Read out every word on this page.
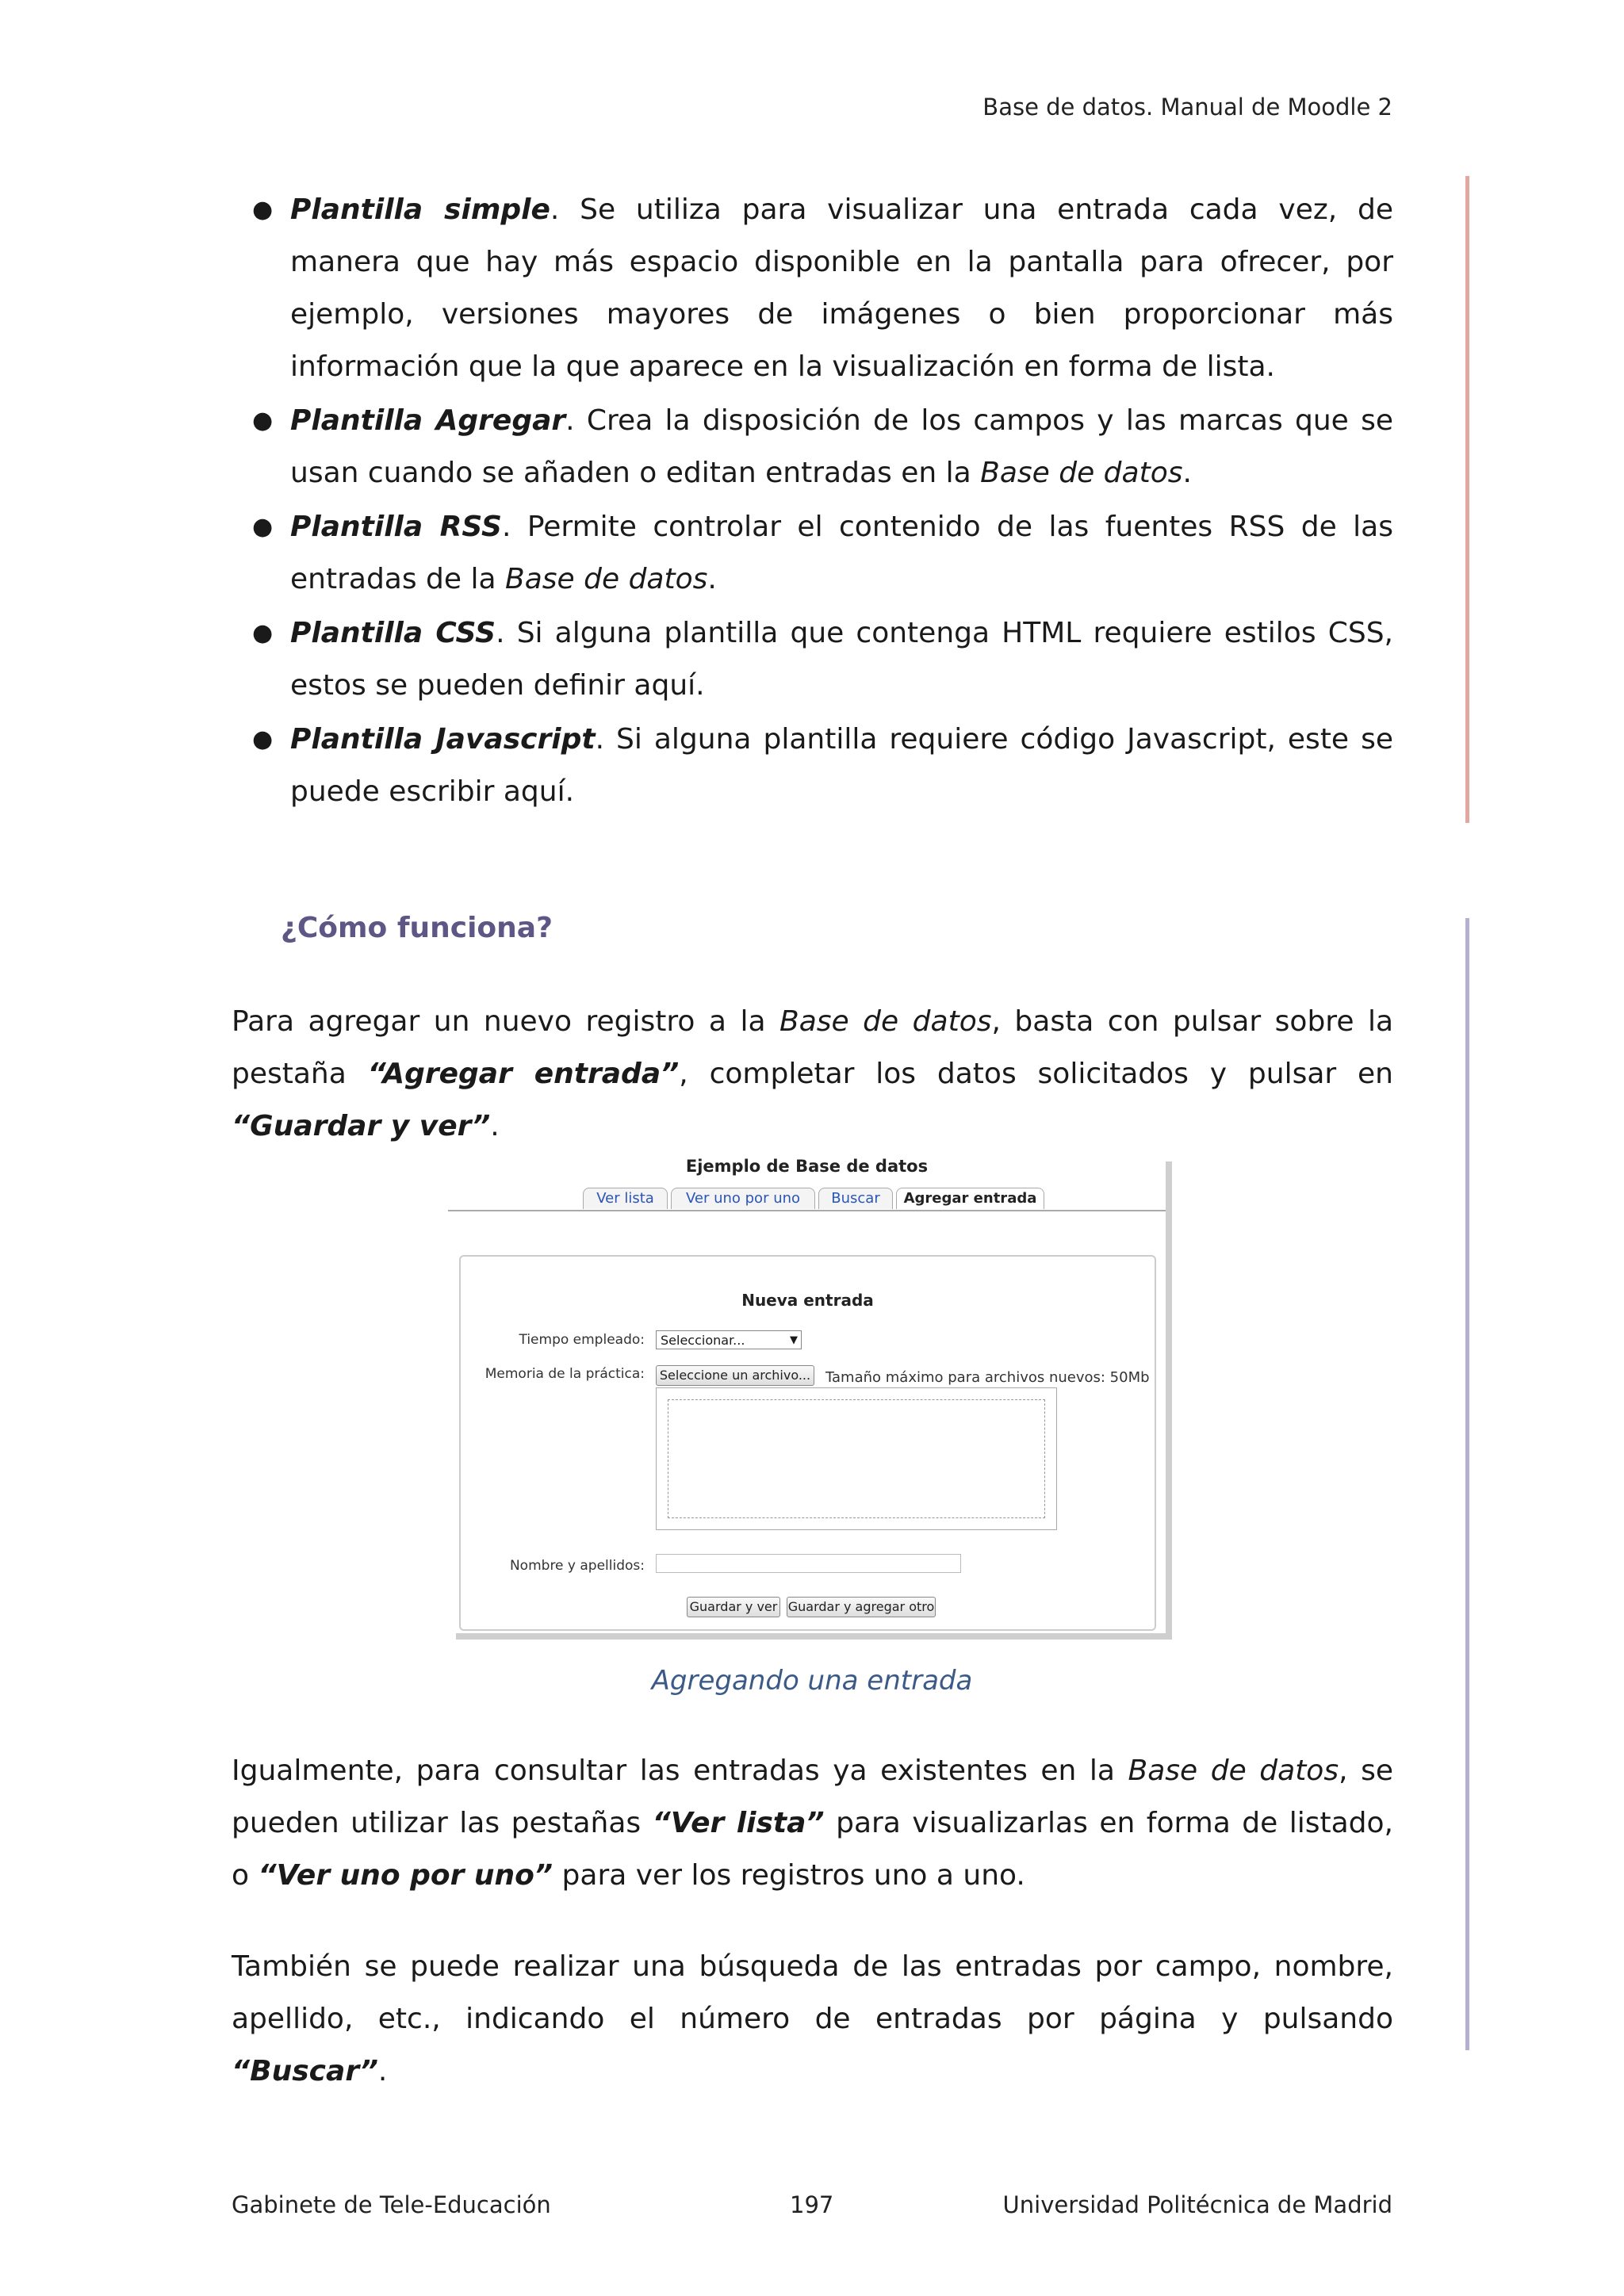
Base de datos. Manual de Moodle 2
● Plantilla simple. Se utiliza para visualizar una entrada cada vez, de manera que hay más espacio disponible en la pantalla para ofrecer, por ejemplo, versiones mayores de imágenes o bien proporcionar más información que la que aparece en la visualización en forma de lista.
● Plantilla Agregar. Crea la disposición de los campos y las marcas que se usan cuando se añaden o editan entradas en la Base de datos.
● Plantilla RSS. Permite controlar el contenido de las fuentes RSS de las entradas de la Base de datos.
● Plantilla CSS. Si alguna plantilla que contenga HTML requiere estilos CSS, estos se pueden definir aquí.
● Plantilla Javascript. Si alguna plantilla requiere código Javascript, este se puede escribir aquí.
¿Cómo funciona?
Para agregar un nuevo registro a la Base de datos, basta con pulsar sobre la pestaña “Agregar entrada”, completar los datos solicitados y pulsar en “Guardar y ver”.
Ejemplo de Base de datos
Ver lista	Ver uno por uno	Buscar	Agregar entrada
Nueva entrada
Tiempo empleado:	Seleccionar...	▼
Memoria de la práctica:	Seleccione un archivo... Tamaño máximo para archivos nuevos: 50Mb
Nombre y apellidos:
Guardar y ver Guardar y agregar otro
Agregando una entrada
Igualmente, para consultar las entradas ya existentes en la Base de datos, se pueden utilizar las pestañas “Ver lista” para visualizarlas en forma de listado, o “Ver uno por uno” para ver los registros uno a uno.
También se puede realizar una búsqueda de las entradas por campo, nombre, apellido, etc., indicando el número de entradas por página y pulsando “Buscar”.
Gabinete de Tele-Educación	197	Universidad Politécnica de Madrid
